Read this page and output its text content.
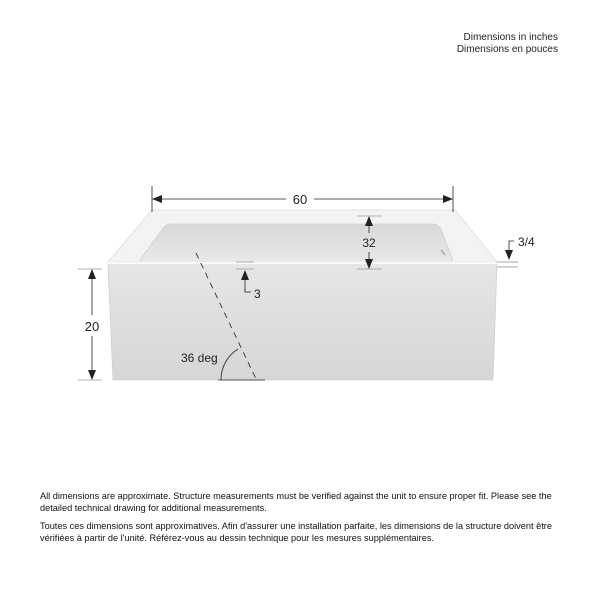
Dimensions in inches
Dimensions en pouces
60
32
3
3/4
20
36 deg

All dimensions are approximate. Structure measurements must be verified against the unit to ensure proper fit. Please see the detailed technical drawing for additional measurements.

Toutes ces dimensions sont approximatives. Afin d'assurer une installation parfaite, les dimensions de la structure doivent être vérifiées à partir de l'unité. Référez-vous au dessin technique pour les mesures supplémentaires.
